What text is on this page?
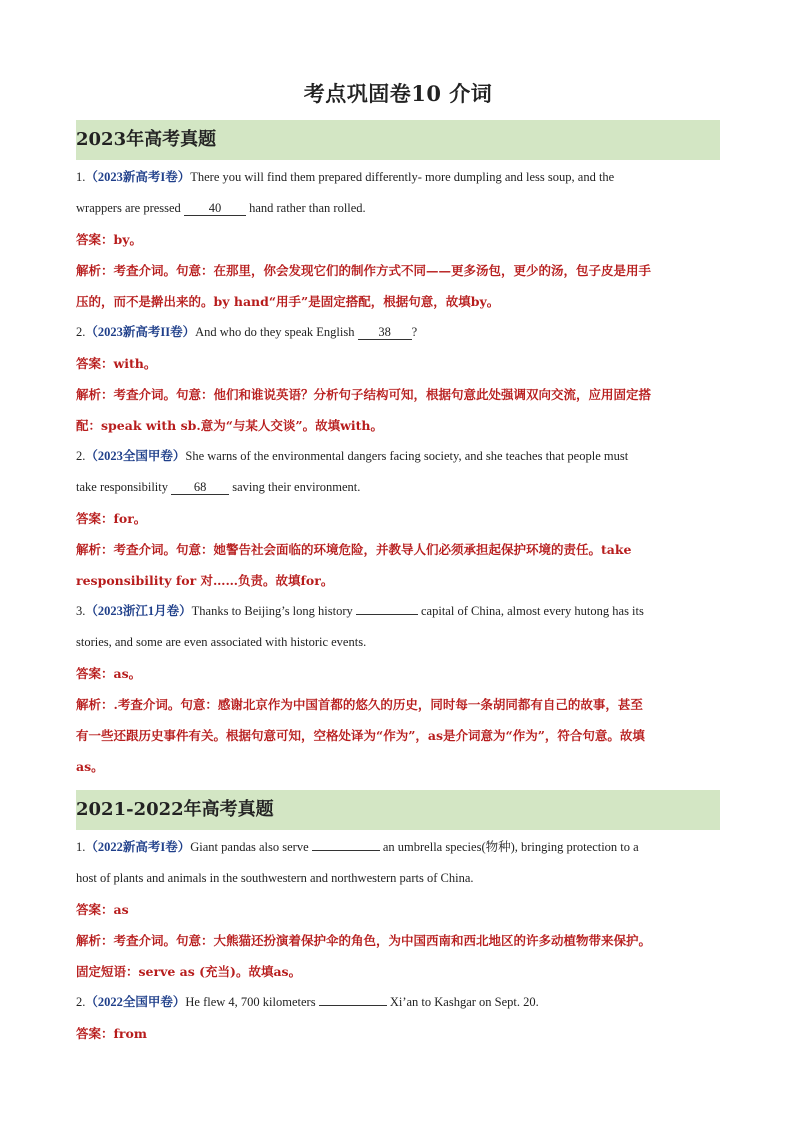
考点巩固卷10 介词
2023年高考真题
1.（2023新高考I卷）There you will find them prepared differently- more dumpling and less soup, and the
wrappers are pressed 40 hand rather than rolled.
答案：by。
解析：考查介词。句意：在那里，你会发现它们的制作方式不同——更多汤包，更少的汤，包子皮是用手
压的，而不是擀出来的。by hand“用手”是固定搭配，根据句意，故填by。
2.（2023新高考II卷）And who do they speak English 38 ?
答案：with。
解析：考查介词。句意：他们和谁说英语？分析句子结构可知，根据句意此处强调双向交流，应用固定搭
配：speak with sb.意为“与某人交谈”。故填with。
2.（2023全国甲卷）She warns of the environmental dangers facing society, and she teaches that people must
take responsibility 68 saving their environment.
答案：for。
解析：考查介词。句意：她警告社会面临的环境危险，并教导人们必须承担起保护环境的责任。take
responsibility for 对……负责。故填for。
3.（2023浙江1月卷）Thanks to Beijing’s long history	capital of China, almost every hutong has its
stories, and some are even associated with historic events.
答案：as。
解析：.考查介词。句意：感谢北京作为中国首都的悠久的历史，同时每一条胡同都有自己的故事，甚至
有一些还跟历史事件有关。根据句意可知，空格处译为“作为”，as是介词意为“作为”，符合句意。故填
as。
2021-2022年高考真题
1.（2022新高考I卷）Giant pandas also serve	an umbrella species(物种), bringing protection to a
host of plants and animals in the southwestern and northwestern parts of China.
答案：as
解析：考查介词。句意：大熊猫还扮演着保护伞的角色，为中国西南和西北地区的许多动植物带来保护。
固定短语：serve as (充当)。故填as。
2.（2022全国甲卷）He flew 4, 700 kilometers	Xi’an to Kashgar on Sept. 20.
答案：from
